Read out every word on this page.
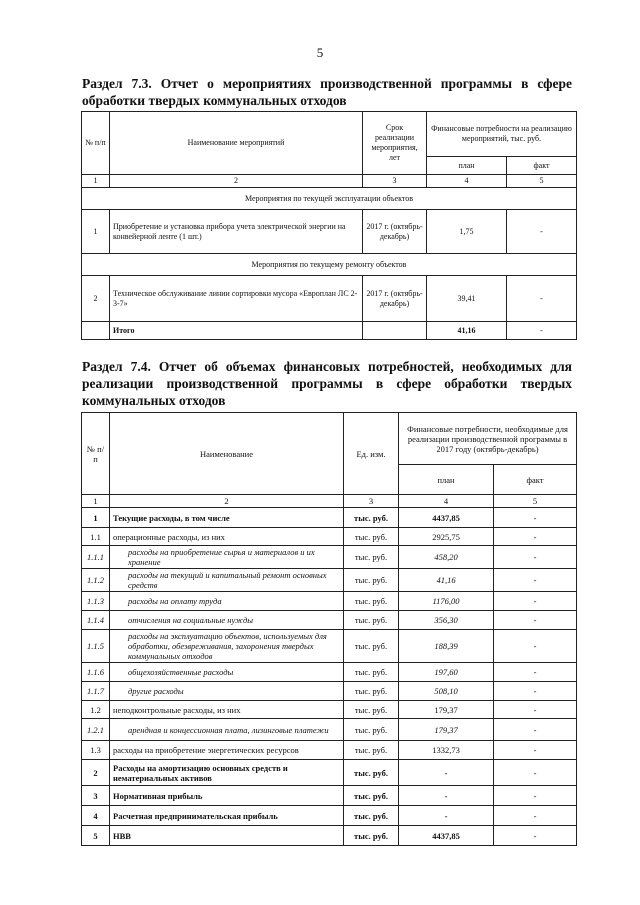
5
Раздел 7.3. Отчет о мероприятиях производственной программы в сфере обработки твердых коммунальных отходов
№ п/п	Наименование мероприятий	Срок реализации мероприятия, лет	Финансовые потребности на реализацию мероприятий, тыс. руб.	
			план	факт
1	2	3	4	5
Мероприятия по текущей эксплуатации объектов				
1	Приобретение и установка прибора учета электрической энергии на конвейерной ленте (1 шт.)	2017 г. (октябрь-декабрь)	1,75	-
Мероприятия по текущему ремонту объектов				
2	Техническое обслуживание линии сортировки мусора «Европлан ЛС 2-3-7»	2017 г. (октябрь-декабрь)	39,41	-
	Итого		41,16	-
Раздел 7.4. Отчет об объемах финансовых потребностей, необходимых для реализации производственной программы в сфере обработки твердых коммунальных отходов
№ п/п	Наименование	Ед. изм.	Финансовые потребности, необходимые для реализации производственной программы в 2017 году (октябрь-декабрь)	
			план	факт
1	2	3	4	5
1	Текущие расходы, в том числе	тыс. руб.	4437,85	-
1.1	операционные расходы, из них	тыс. руб.	2925,75	-
1.1.1	расходы на приобретение сырья и материалов и их хранение	тыс. руб.	458,20	-
1.1.2	расходы на текущий и капитальный ремонт основных средств	тыс. руб.	41,16	-
1.1.3	расходы на оплату труда	тыс. руб.	1176,00	-
1.1.4	отчисления на социальные нужды	тыс. руб.	356,30	-
1.1.5	расходы на эксплуатацию объектов, используемых для обработки, обезвреживания, захоронения твердых коммунальных отходов	тыс. руб.	188,39	-
1.1.6	общехозяйственные расходы	тыс. руб.	197,60	-
1.1.7	другие расходы	тыс. руб.	508,10	-
1.2	неподконтрольные расходы, из них	тыс. руб.	179,37	-
1.2.1	арендная и концессионная плата, лизинговые платежи	тыс. руб.	179,37	-
1.3	расходы на приобретение энергетических ресурсов	тыс. руб.	1332,73	-
2	Расходы на амортизацию основных средств и нематериальных активов	тыс. руб.	-	-
3	Нормативная прибыль	тыс. руб.	-	-
4	Расчетная предпринимательская прибыль	тыс. руб.	-	-
5	НВВ	тыс. руб.	4437,85	-
